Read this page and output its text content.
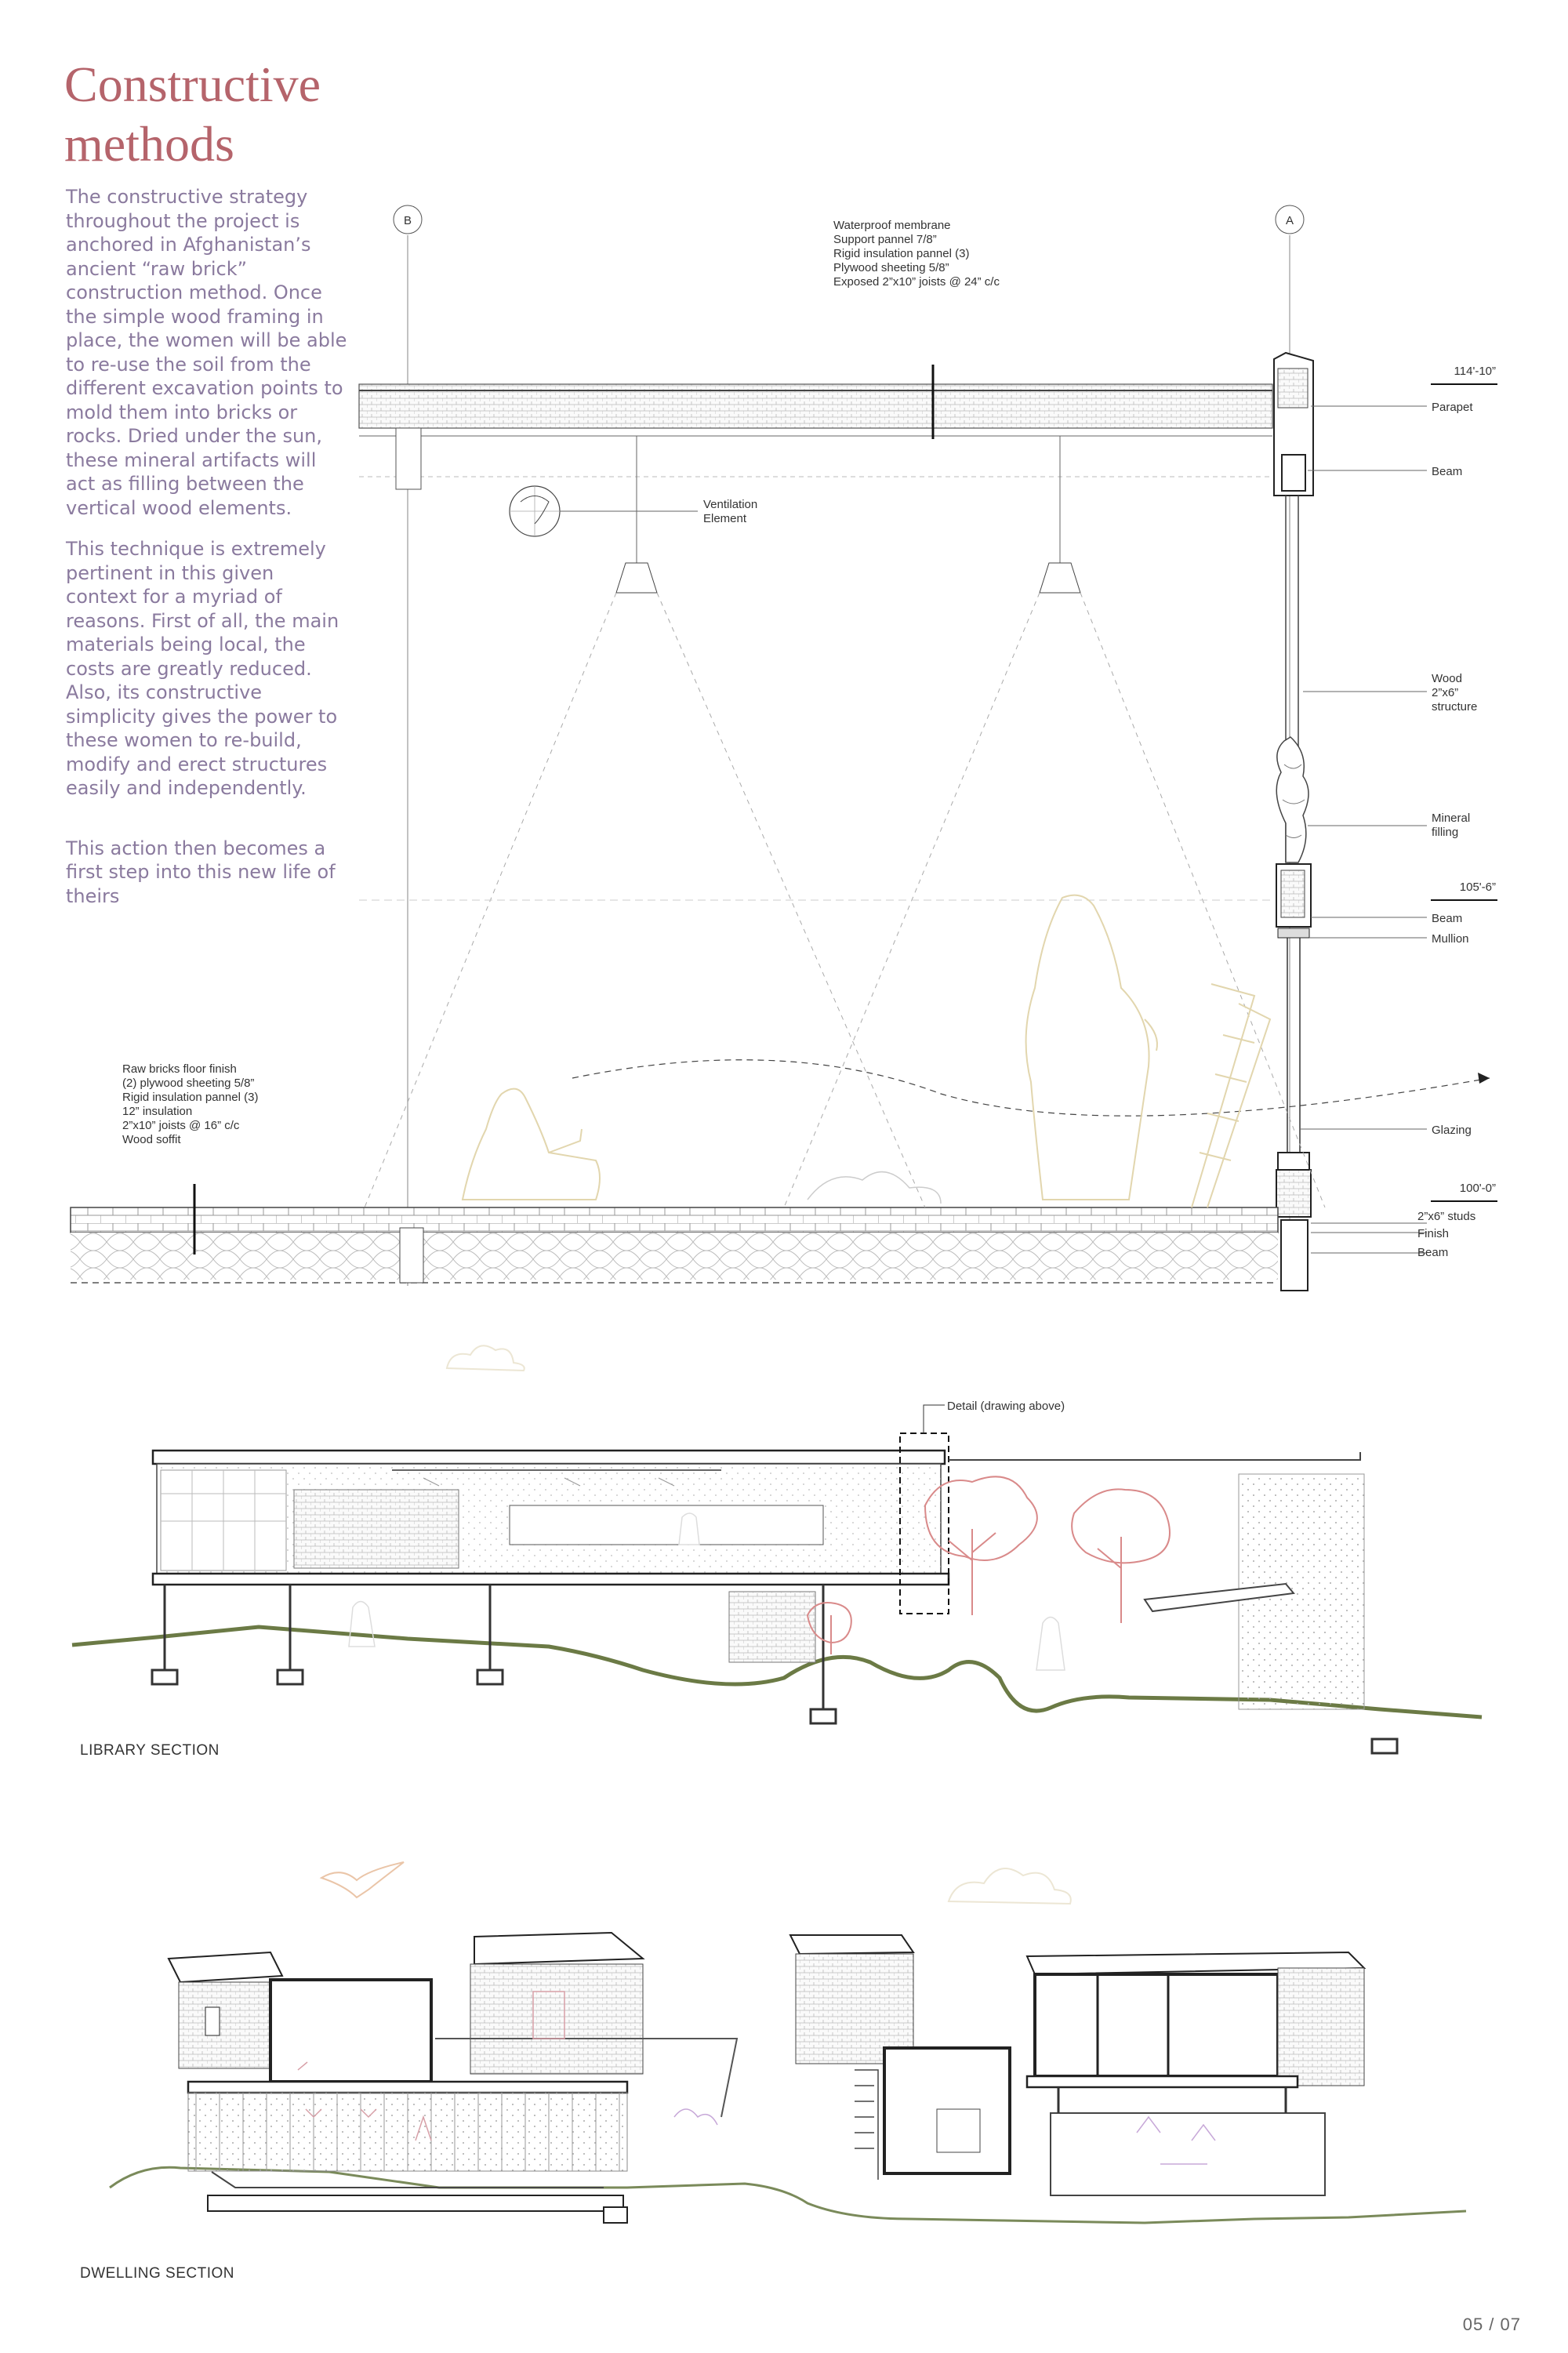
Constructive
methods

The constructive strategy throughout the project is anchored in Afghanistan’s ancient “raw brick” construction method. Once the simple wood framing in place, the women will be able to re-use the soil from the different excavation points to mold them into bricks or rocks. Dried under the sun, these mineral artifacts will act as filling between the vertical wood elements.

This technique is extremely pertinent in this given context for a myriad of reasons. First of all, the main materials being local, the costs are greatly reduced. Also, its constructive simplicity gives the power to these women to re-build, modify and erect structures easily and independently.

This action then becomes a first step into this new life of theirs

B	A
114'-10”
105'-6”
100'-0”
Parapet
Beam
Wood
2”x6”
structure
Mineral
filling
Beam
Mullion
Glazing
2”x6” studs
Finish
Beam
Waterproof membrane
Support pannel 7/8”
Rigid insulation pannel (3)
Plywood sheeting 5/8”
Exposed 2”x10” joists @ 24” c/c
Ventilation
Element
Raw bricks floor finish
(2) plywood sheeting 5/8”
Rigid insulation pannel (3)
12” insulation
2”x10” joists @ 16” c/c
Wood soffit
Detail (drawing above)
LIBRARY SECTION
DWELLING SECTION
05 / 07
